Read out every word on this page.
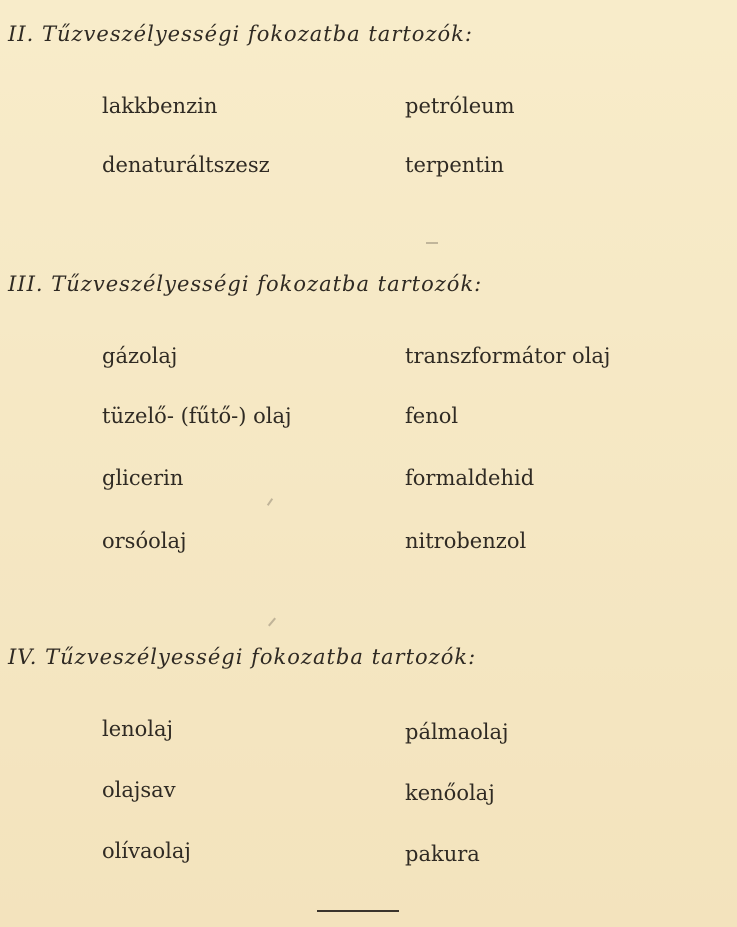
II. Tűzveszélyességi fokozatba tartozók:
lakkbenzin	petróleum
denaturáltszesz	terpentin
III. Tűzveszélyességi fokozatba tartozók:
gázolaj	transzformátor olaj
tüzelő- (fűtő-) olaj	fenol
glicerin	formaldehid
orsóolaj	nitrobenzol
IV. Tűzveszélyességi fokozatba tartozók:
lenolaj	pálmaolaj
olajsav	kenőolaj
olívaolaj	pakura
